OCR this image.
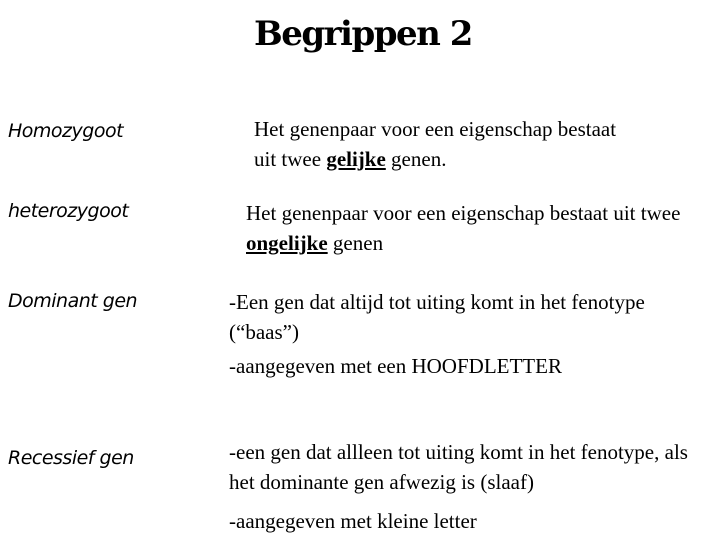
Begrippen 2
Homozygoot	Het genenpaar voor een eigenschap bestaat uit twee gelijke genen.
heterozygoot	Het genenpaar voor een eigenschap bestaat uit twee ongelijke genen
Dominant gen	-Een gen dat altijd tot uiting komt in het fenotype (“baas”)
-aangegeven met een HOOFDLETTER
Recessief gen	-een gen dat allleen tot uiting komt in het fenotype, als het dominante gen afwezig is (slaaf)
-aangegeven met kleine letter
